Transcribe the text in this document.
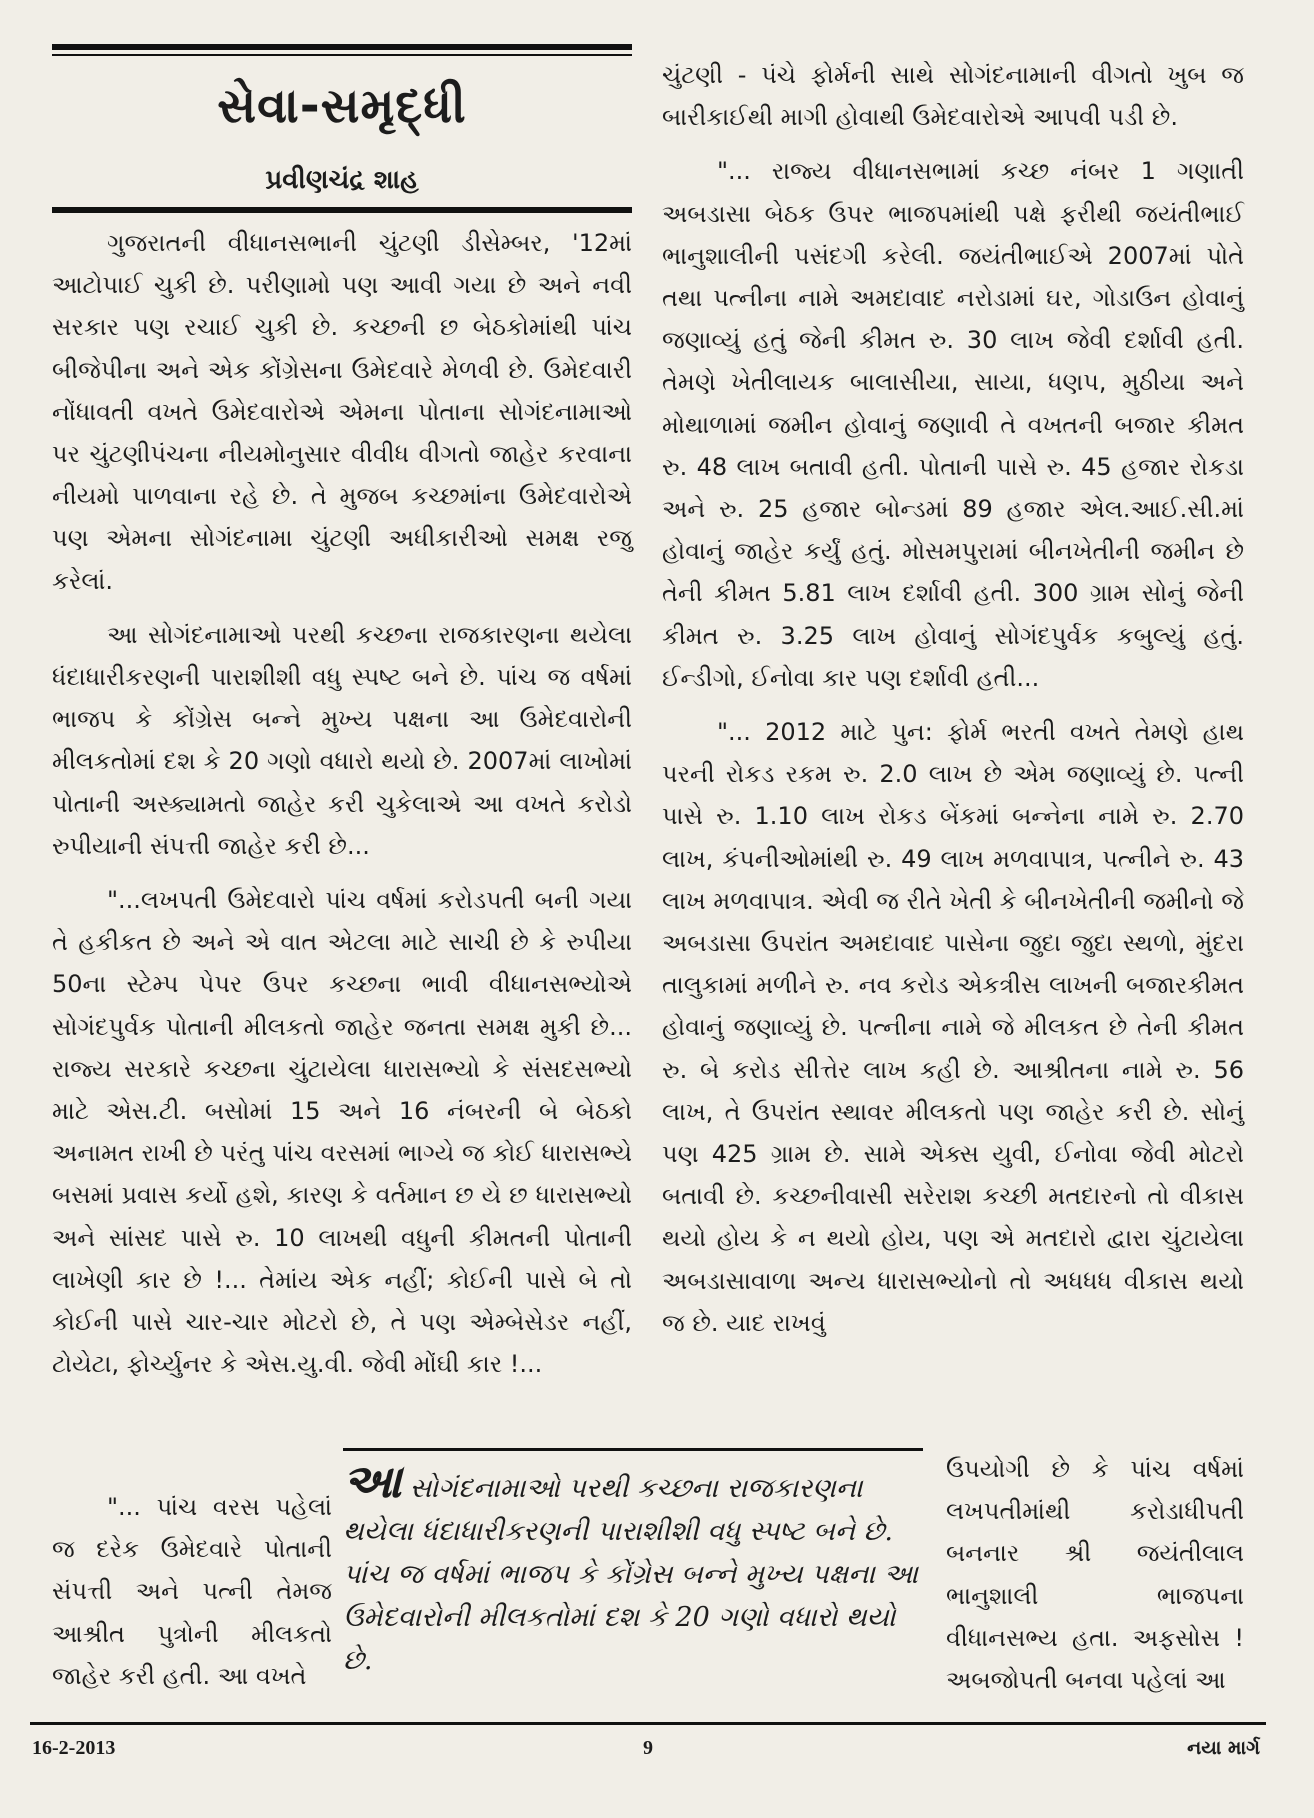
સેવા-સમૃદ્ધી
પ્રવીણચંદ્ર શાહ

ગુજરાતની વીધાનસભાની ચુંટણી ડીસેમ્બર, '12માં આટોપાઈ ચુકી છે. પરીણામો પણ આવી ગયા છે અને નવી સરકાર પણ રચાઈ ચુકી છે. કચ્છની છ બેઠકોમાંથી પાંચ બીજેપીના અને એક કોંગ્રેસના ઉમેદવારે મેળવી છે. ઉમેદવારી નોંધાવતી વખતે ઉમેદવારોએ એમના પોતાના સોગંદનામાઓ પર ચુંટણીપંચના નીયમોનુસાર વીવીધ વીગતો જાહેર કરવાના નીયમો પાળવાના રહે છે. તે મુજબ કચ્છમાંના ઉમેદવારોએ પણ એમના સોગંદનામા ચુંટણી અધીકારીઓ સમક્ષ રજુ કરેલાં.

આ સોગંદનામાઓ પરથી કચ્છના રાજકારણના થયેલા ધંદાધારીકરણની પારાશીશી વધુ સ્પષ્ટ બને છે. પાંચ જ વર્ષમાં ભાજપ કે કોંગ્રેસ બન્ને મુખ્ય પક્ષના આ ઉમેદવારોની મીલકતોમાં દશ કે 20 ગણો વધારો થયો છે. 2007માં લાખોમાં પોતાની અસ્ક્યામતો જાહેર કરી ચુકેલાએ આ વખતે કરોડો રુપીયાની સંપત્તી જાહેર કરી છે...

"...લખપતી ઉમેદવારો પાંચ વર્ષમાં કરોડપતી બની ગયા તે હકીકત છે અને એ વાત એટલા માટે સાચી છે કે રુપીયા 50ના સ્ટેમ્પ પેપર ઉપર કચ્છના ભાવી વીધાનસભ્યોએ સોગંદપુર્વક પોતાની મીલકતો જાહેર જનતા સમક્ષ મુકી છે... રાજ્ય સરકારે કચ્છના ચુંટાયેલા ધારાસભ્યો કે સંસદસભ્યો માટે એસ.ટી. બસોમાં 15 અને 16 નંબરની બે બેઠકો અનામત રાખી છે પરંતુ પાંચ વરસમાં ભાગ્યે જ કોઈ ધારાસભ્યે બસમાં પ્રવાસ કર્યો હશે, કારણ કે વર્તમાન છ યે છ ધારાસભ્યો અને સાંસદ પાસે રુ. 10 લાખથી વધુની કીમતની પોતાની લાખેણી કાર છે !... તેમાંય એક નહીં; કોઈની પાસે બે તો કોઈની પાસે ચાર-ચાર મોટરો છે, તે પણ એમ્બેસેડર નહીં, ટોયેટા, ફોર્ચ્યુનર કે એસ.યુ.વી. જેવી મોંઘી કાર !...

ચુંટણી - પંચે ફોર્મની સાથે સોગંદનામાની વીગતો ખુબ જ બારીકાઈથી માગી હોવાથી ઉમેદવારોએ આપવી પડી છે.

"... રાજ્ય વીધાનસભામાં કચ્છ નંબર 1 ગણાતી અબડાસા બેઠક ઉપર ભાજપમાંથી પક્ષે ફરીથી જયંતીભાઈ ભાનુશાલીની પસંદગી કરેલી. જયંતીભાઈએ 2007માં પોતે તથા પત્નીના નામે અમદાવાદ નરોડામાં ઘર, ગોડાઉન હોવાનું જણાવ્યું હતું જેની કીમત રુ. 30 લાખ જેવી દર્શાવી હતી. તેમણે ખેતીલાયક બાલાસીયા, સાયા, ધણપ, મુઠીયા અને મોથાળામાં જમીન હોવાનું જણાવી તે વખતની બજાર કીમત રુ. 48 લાખ બતાવી હતી. પોતાની પાસે રુ. 45 હજાર રોકડા અને રુ. 25 હજાર બોન્ડમાં 89 હજાર એલ.આઈ.સી.માં હોવાનું જાહેર કર્યું હતું. મોસમપુરામાં બીનખેતીની જમીન છે તેની કીમત 5.81 લાખ દર્શાવી હતી. 300 ગ્રામ સોનું જેની કીમત રુ. 3.25 લાખ હોવાનું સોગંદપુર્વક કબુલ્યું હતું. ઈન્ડીગો, ઈનોવા કાર પણ દર્શાવી હતી...

"... 2012 માટે પુન: ફોર્મ ભરતી વખતે તેમણે હાથ પરની રોકડ રકમ રુ. 2.0 લાખ છે એમ જણાવ્યું છે. પત્ની પાસે રુ. 1.10 લાખ રોકડ બેંકમાં બન્નેના નામે રુ. 2.70 લાખ, કંપનીઓમાંથી રુ. 49 લાખ મળવાપાત્ર, પત્નીને રુ. 43 લાખ મળવાપાત્ર. એવી જ રીતે ખેતી કે બીનખેતીની જમીનો જે અબડાસા ઉપરાંત અમદાવાદ પાસેના જુદા જુદા સ્થળો, મુંદરા તાલુકામાં મળીને રુ. નવ કરોડ એકત્રીસ લાખની બજારકીમત હોવાનું જણાવ્યું છે. પત્નીના નામે જે મીલકત છે તેની કીમત રુ. બે કરોડ સીત્તેર લાખ કહી છે. આશ્રીતના નામે રુ. 56 લાખ, તે ઉપરાંત સ્થાવર મીલકતો પણ જાહેર કરી છે. સોનું પણ 425 ગ્રામ છે. સામે એક્સ યુવી, ઈનોવા જેવી મોટરો બતાવી છે. કચ્છનીવાસી સરેરાશ કચ્છી મતદારનો તો વીકાસ થયો હોય કે ન થયો હોય, પણ એ મતદારો દ્વારા ચુંટાયેલા અબડાસાવાળા અન્ય ધારાસભ્યોનો તો અધધધ વીકાસ થયો જ છે. યાદ રાખવું

આસોગંદનામાઓ પરથી કચ્છના રાજકારણના થયેલા ધંદાધારીકરણની પારાશીશી વધુ સ્પષ્ટ બને છે. પાંચ જ વર્ષમાં ભાજપ કે કોંગ્રેસ બન્ને મુખ્ય પક્ષના આ ઉમેદવારોની મીલકતોમાં દશ કે 20 ગણો વધારો થયો છે.

"... પાંચ વરસ પહેલાં જ દરેક ઉમેદવારે પોતાની સંપત્તી અને પત્ની તેમજ આશ્રીત પુત્રોની મીલકતો જાહેર કરી હતી. આ વખતે

ઉપયોગી છે કે પાંચ વર્ષમાં લખપતીમાંથી કરોડાધીપતી બનનાર શ્રી જયંતીલાલ ભાનુશાલી ભાજપના વીધાનસભ્ય હતા. અફસોસ ! અબજોપતી બનવા પહેલાં આ

16-2-2013	9	નયા માર્ગ
